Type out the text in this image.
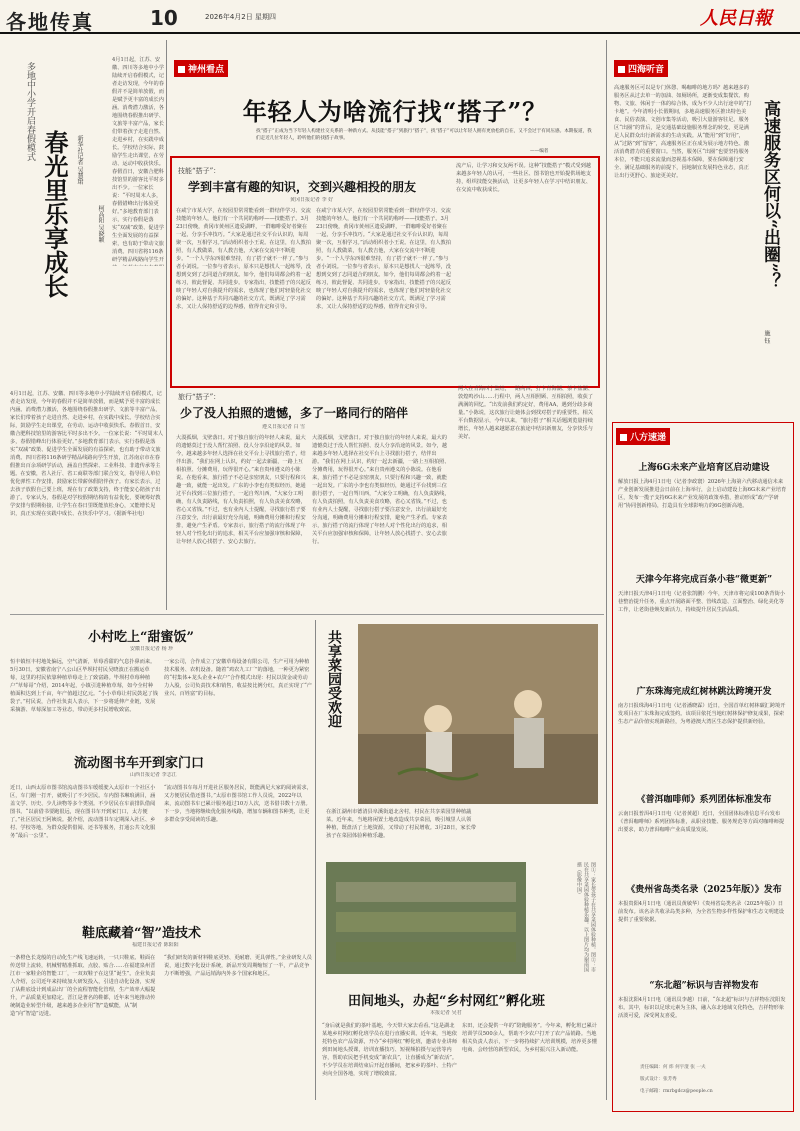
各地传真	10	2026年4月2日 星期四	人民日報
多地中小学开启春假模式
春光里乐享成长 新华社记者 吴慧珺
柯高阳 吴晓颖
4月1日起，江苏、安徽、四川等多地中小学陆续开启春假模式，记者走访发现，今年的春假并不是简单放假，而是赋予更丰富的成长内涵。消费潜力激活，各地围绕春假推出研学、文旅等丰富产品，家长们带着孩子走进自然、走进乡村，在实践中成长。学校结合实际，鼓励学生走出课堂，在劳动、运动中收获快乐。春假首日，安徽合肥科技馆里的游客比平时多出不少。一位家长说：“平时周末人多，春假错峰出行体验更好。”多地教育部门表示，实行春假是落实“双减”政策、促进学生全面发展的有益探索，也有助于带动文旅消费。四川省将116条研学精品线路向学生开
4月1日起，江苏、安徽、四川等多地中小学陆续开启春假模式，记者走访发现，今年的春假并不是简单放假，而是赋予更丰富的成长内涵。消费潜力激活，各地围绕春假推出研学、文旅等丰富产品，家长们带着孩子走进自然、走进乡村，在实践中成长。学校结合实际，鼓励学生走出课堂，在劳动、运动中收获快乐。春假首日，安徽合肥科技馆里的游客比平时多出不少。一位家长说：“平时周末人多，春假错峰出行体验更好。”多地教育部门表示，实行春假是落实“双减”政策、促进学生全面发展的有益探索，也有助于带动文旅消费。四川省将116条研学精品线路向学生开放，江苏南京市在春假推出百余项研学活动，涵盖自然探索、工业科技、非遗传承等主题。在安徽，省人社厅、省工商联等部门联合发文，指导用人单位优化弹性工作安排，鼓励家长带薪休假陪伴孩子。有家长表示，过去孩子放假自己要上班，现在有了政策支持，终于能安心陪孩子出游了。专家认为，春假是对学校假期结构的有益优化，要统筹好教学安排与假期衔接，让学生在春日里既能放松身心，又能增长见识，真正实现在实践中成长、在快乐中学习。（据新华社电）
神州看点
年轻人为啥流行找“搭子”？
找“搭子”正成为当下年轻人构建社交关系的一种新方式。从技能“搭子”到旅行“搭子”，找“搭子”可以让年轻人拥有更放松的自在，又不会过于有同压感。本期报道，我们走近几位年轻人，聆听他们的找搭子故事。
——编者
技能“搭子”：
学到丰富有趣的知识，交到兴趣相投的朋友
黄冈日报记者 李 好
在咸宁市某大学，在校园里常常能看到一群结伴学习、交流技能的年轻人，他们有一个共同的称呼——技能搭子。3月23日傍晚，黄冈市黄州区遗爱湖畔，一群咖啡爱好者聚在一起，分享手冲技巧。“大家是通过社交平台认识的，每周聚一次，互相学习。”活动组织者小王说。在这里，有人教拍照，有人教做菜，有人教吉他，大家在交流中不断进步。“一个人学东西很难坚持，有了搭子就不一样了。”参与者小刘说。一位参与者表示，原本只是想找人一起练琴，没想到交到了志同道合的朋友。如今，他们每周都会约着一起练习，彼此督促、共同进步。专家指出，技能搭子的兴起反映了年轻人对自我提升的需求，也体现了他们对轻量化社交的偏好。这种基于共同兴趣的社交方式，既满足了学习需求，又让人保持舒适的边界感，值得肯定和引导。
在咸宁市某大学，在校园里常常能看到一群结伴学习、交流技能的年轻人，他们有一个共同的称呼——技能搭子。3月23日傍晚，黄冈市黄州区遗爱湖畔，一群咖啡爱好者聚在一起，分享手冲技巧。“大家是通过社交平台认识的，每周聚一次，互相学习。”活动组织者小王说。在这里，有人教拍照，有人教做菜，有人教吉他，大家在交流中不断进步。“一个人学东西很难坚持，有了搭子就不一样了。”参与者小刘说。一位参与者表示，原本只是想找人一起练琴，没想到交到了志同道合的朋友。如今，他们每周都会约着一起练习，彼此督促、共同进步。专家指出，技能搭子的兴起反映了年轻人对自我提升的需求，也体现了他们对轻量化社交的偏好。这种基于共同兴趣的社交方式，既满足了学习需求，又让人保持舒适的边界感，值得肯定和引导。
流产后，让学习和交友两不误。这种“技能搭子”模式受到越来越多年轻人的认可，一些社区、图书馆也开始提供场地支持，组织技能交换活动，让更多年轻人在学习中结识朋友、在交流中收获成长。
旅行“搭子”：
少了没人拍照的遗憾，多了一路同行的陪伴
遵义日报记者 白 雪
大漠孤烟，戈壁落日。对于独自旅行的年轻人来说，最大的遗憾莫过于没人帮忙拍照、没人分享沿途的风景。如今，越来越多年轻人选择在社交平台上寻找旅行搭子，结伴出游。“我们在网上认识，约好一起去新疆，一路上互相拍照、分摊费用，玩得很开心。”来自贵州遵义的小陈说。在他看来，旅行搭子不必是亲密朋友，只要行程和兴趣一致，就能一起出发。广东的小李也有类似经历，她通过平台找到三位旅行搭子，一起自驾川西，“大家分工明确，有人负责路线，有人负责拍照，有人负责美食攻略，省心又省钱。”不过，也有业内人士提醒，寻找旅行搭子要注意安全，出行前最好充分沟通，明确费用分摊和行程安排，避免产生矛盾。专家表示，旅行搭子的流行体现了年轻人对个性化出行的追求，相关平台应加强审核和保障，让年轻人放心找搭子、安心去旅行。
大漠孤烟，戈壁落日。对于独自旅行的年轻人来说，最大的遗憾莫过于没人帮忙拍照、没人分享沿途的风景。如今，越来越多年轻人选择在社交平台上寻找旅行搭子，结伴出游。“我们在网上认识，约好一起去新疆，一路上互相拍照、分摊费用，玩得很开心。”来自贵州遵义的小陈说。在他看来，旅行搭子不必是亲密朋友，只要行程和兴趣一致，就能一起出发。广东的小李也有类似经历，她通过平台找到三位旅行搭子，一起自驾川西，“大家分工明确，有人负责路线，有人负责拍照，有人负责美食攻略，省心又省钱。”不过，也有业内人士提醒，寻找旅行搭子要注意安全，出行前最好充分沟通，明确费用分摊和行程安排，避免产生矛盾。专家表示，旅行搭子的流行体现了年轻人对个性化出行的追求，相关平台应加强审核和保障，让年轻人放心找搭子、安心去旅行。
两人在青海西宁集结，一路向西，打卡青海湖、茶卡盐湖、敦煌鸣沙山……行程中，两人互相照顾、互相拍照，收获了满满的回忆。“出发前我们约定好，费用AA，遇到分歧多商量。”小陈说，这次旅行让她体会到找对搭子的重要性。相关平台数据显示，今年以来，“旅行搭子”相关话题浏览量持续增长，年轻人越来越愿意在旅途中结识新朋友，分享快乐与美好。
小村吃上“甜蜜饭”
安徽日报记者 杨 珍
恒丰镇恒丰村地处偏远，空气清新，草莓香甜的气息扑鼻而来。5月30日，安徽省南宁八公山区毕坝村村民吴晓波正在搬运草莓，这里的村民依靠种植草莓走上了致富路。毕坝村草莓种植户“草莓哥”介绍，2014年起，小镇引进种植草莓，如今全村种植面积达到上千亩，年产值超过亿元。“小小草莓让村民鼓起了钱袋子。”村民说，合作社负责人表示，下一步将延伸产业链，发展采摘游、草莓深加工等业态，带动更多村民增收致富。
一家公司，合作成立了安徽草莓设备有限公司，生产可用为种植技术服务、农机设备。随着“鸡农九工厂”的落地，一种更为紧密的“村集体+龙头企业+农户”合作模式出现：村民以资金或劳动力入股，公司负责技术和销售，收益按比例分红，真正实现了“产业兴、百姓富”的目标。
流动图书车开到家门口
山西日报记者 李志江
近日，山西太原市图书馆流动图书车缓缓驶入太原市一个社区小区，车门刚一打开，就吸引了不少居民。车内图书琳琅满目，涵盖文学、历史、少儿读物等多个类别。不少居民在车前排队借阅图书。“以前借书要跑很远，现在图书车开到家门口，太方便了。”社区居民王阿姨说。据介绍，流动图书车定期深入社区、乡村、学校等地，为群众提供借阅、还书等服务，打通公共文化服务“最后一公里”。
“流动图书车每月开进社区服务居民，既能满足大家的阅读需求，又方便居民借还图书。”太原市图书馆工作人员说，2022年以来，流动图书车已累计服务超过10万人次，送书借书数十万册。下一步，当地将继续优化服务线路，增加车辆和图书种类，让更多群众享受阅读的乐趣。
鞋底藏着“智”造技术
福建日报记者 陈阳阳
一条橙色长龙般的自动化生产线飞速运转，一只只鞋底、鞋面在传送带上流转，机械臂精准抓取、点胶、贴合……在福建泉州晋江市一家鞋企的智能工厂，一双双鞋子在这里“诞生”。企业负责人介绍，公司近年来持续加大研发投入，引进自动化设备，实现了从鞋底设计到成品出厂的全流程智能化管理，生产效率大幅提升，产品质量更加稳定。晋江是著名的鞋都，近年来当地推动传统制造业转型升级，越来越多企业用“智”造赋能，从“制造”向“智造”迈进。
“我们研发的新材料鞋底更轻、更耐磨、更具弹性。”企业研发人员说，通过数字化设计系统，新品开发周期缩短了一半，产品竞争力不断增强，产品远销海内外多个国家和地区。
共享菜园受欢迎
在浙江湖州市德清县阜溪街道北舍村，村民在共享菜园里种植蔬菜。近年来，当地将闲置土地改造成共享菜园，吸引城里人认领种植，既盘活了土地资源，又带动了村民增收。3月28日，家长带孩子在菜园体验种植乐趣。
图①：家长带孩子在共享菜园体验种植。图②：市民在共享菜园体验种植乐趣。以上图片均为谢南国摄（影像中国）
田间地头，办起“乡村网红”孵化班
本报记者 吴君
“身后就是我们的茶叶基地，今天带大家去看看。”这是湖北某地乡村网红孵化班学员在进行直播实训。近年来，当地依托特色农产品资源，开办“乡村网红”孵化班，邀请专业讲师到田间地头授课，培训直播技巧、短视频拍摄与运营等内容，帮助农民把手机变成“新农具”，让直播成为“新农活”。不少学员在培训结束后开起直播间，把家乡的茶叶、土特产卖向全国各地，实现了增收致富。
东田，还会提供一年的“陪跑服务”。今年来，孵化班已累计培训学员500余人，帮助不少农户打开了农产品销路。当地相关负责人表示，下一步将持续扩大培训规模，培养更多懂电商、会经营的新型农民，为乡村振兴注入新动能。
四海听音
高速服务区可以是专门休憩、喝咖啡的地方吗？越来越多的服务区从过去单一的加油、如厕场所，逐渐变成集餐饮、购物、文旅、休闲于一体的综合体，成为不少人出行途中的“打卡地”。今年清明小长假期间，多地高速服务区推出特色美食、民俗表演、文创市集等活动，吸引大量游客驻足。服务区“出圈”的背后，是交通基础设施服务理念的转变，更是满足人民群众出行新需求的生动实践。从“能用”到“好用”，从“过路”到“留客”，高速服务区正在成为展示地方特色、激活消费潜力的重要窗口。当然，服务区“出圈”也要坚持服务本位，不能只追求流量而忽视基本保障，要在保障通行安全、满足基础服务的前提下，因地制宜发展特色业态，真正让出行更舒心、旅途更美好。	高速服务区何以“出圈”？
施 钰
八方速递
上海6G未来产业培育区启动建设
解放日报上海4月1日电（记者李政寰）2026年上海第六代移动通信未来产业创新发展推进会日前在上海举行，会上启动建设上海6G未来产业培育区，发布一揽子支持6G未来产业发展的政策举措，推动形成“政产学研用”协同创新格局，打造具有全球影响力的6G创新高地。
天津今年将完成百条小巷“微更新”
天津日报天津4月1日电（记者张凯鹏）今年，天津市将完成100条背街小巷整治提升任务，重点开展路面平整、管线改造、立面整治、绿化美化等工作，让老街巷焕发新活力，持续提升居民生活品质。
广东珠海完成红树林跳汰跨境开发
南方日报珠海4月1日电（记者潘晓霖）近日，全国首单红树林碳汇跨境开发项目在广东珠海完成签约。该项目依托当地红树林保护修复成果，探索生态产品价值实现新路径，为粤港澳大湾区生态保护提供新经验。
《普洱咖啡师》系列团体标准发布
云南日报普洱4月1日电（记者黄超）近日，全国团体标准信息平台发布《普洱咖啡师》系列团体标准，从职业技能、服务规范等方面对咖啡师提出要求，助力普洱咖啡产业高质量发展。
《贵州省岛类名录（2025年版）》发布
本报贵阳4月1日电（通讯员黄敏华）《贵州省岛类名录（2025年版）》日前发布。该名录共收录岛类多种，为全省生物多样性保护和生态文明建设提供了重要依据。
“东北超”标识与吉祥物发布
本报沈阳4月1日电（通讯员李越）日前，“东北超”标识与吉祥物在沈阳发布。其中，标识以足球元素为主体，融入东北地域文化特色，吉祥物形象活泼可爱，深受网友喜爱。
责任编辑：何 炜 何宇澄 张 一夫
版式设计：张芳秀
电子邮箱：rmrbgdcz@people.cn
